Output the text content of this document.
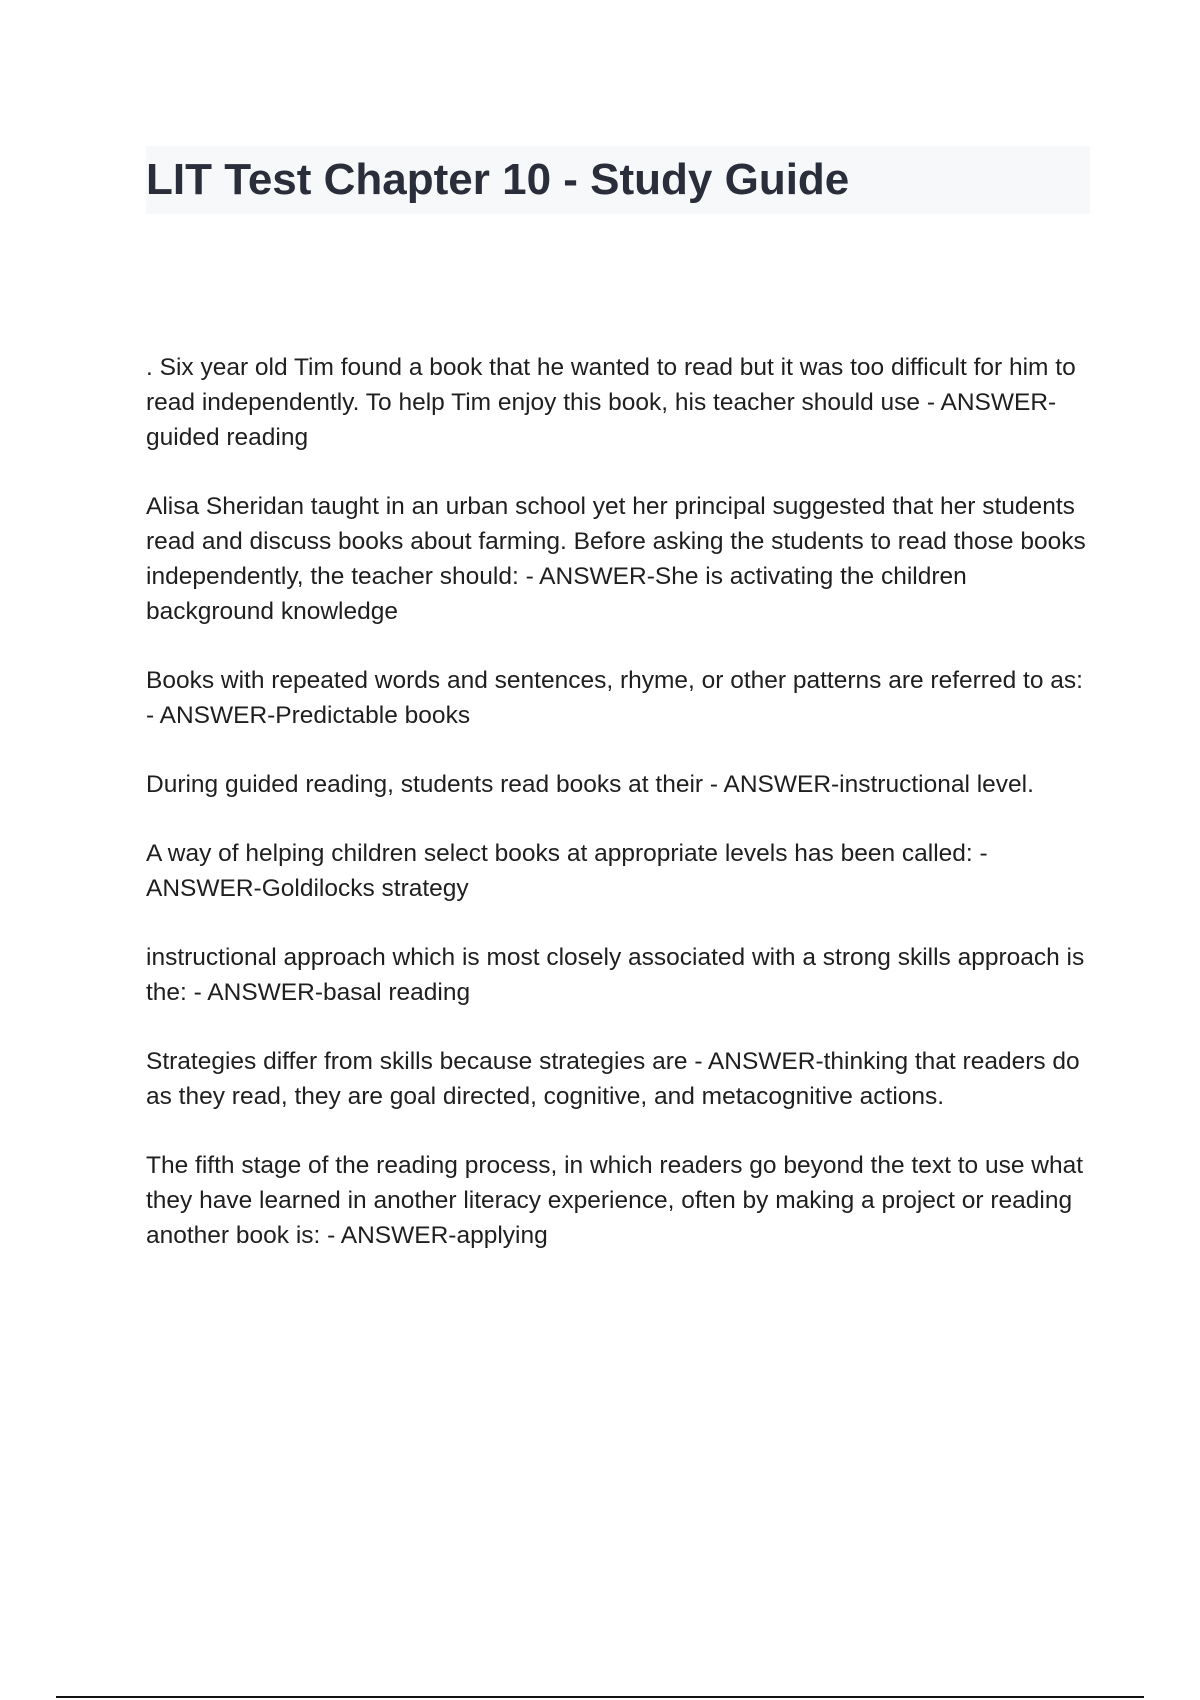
LIT Test Chapter 10 - Study Guide

. Six year old Tim found a book that he wanted to read but it was too difficult for him to read independently. To help Tim enjoy this book, his teacher should use - ANSWER-guided reading

Alisa Sheridan taught in an urban school yet her principal suggested that her students read and discuss books about farming. Before asking the students to read those books independently, the teacher should: - ANSWER-She is activating the children background knowledge

Books with repeated words and sentences, rhyme, or other patterns are referred to as: - ANSWER-Predictable books

During guided reading, students read books at their - ANSWER-instructional level.

A way of helping children select books at appropriate levels has been called: - ANSWER-Goldilocks strategy

instructional approach which is most closely associated with a strong skills approach is the: - ANSWER-basal reading

Strategies differ from skills because strategies are - ANSWER-thinking that readers do as they read, they are goal directed, cognitive, and metacognitive actions.

The fifth stage of the reading process, in which readers go beyond the text to use what they have learned in another literacy experience, often by making a project or reading another book is: - ANSWER-applying
